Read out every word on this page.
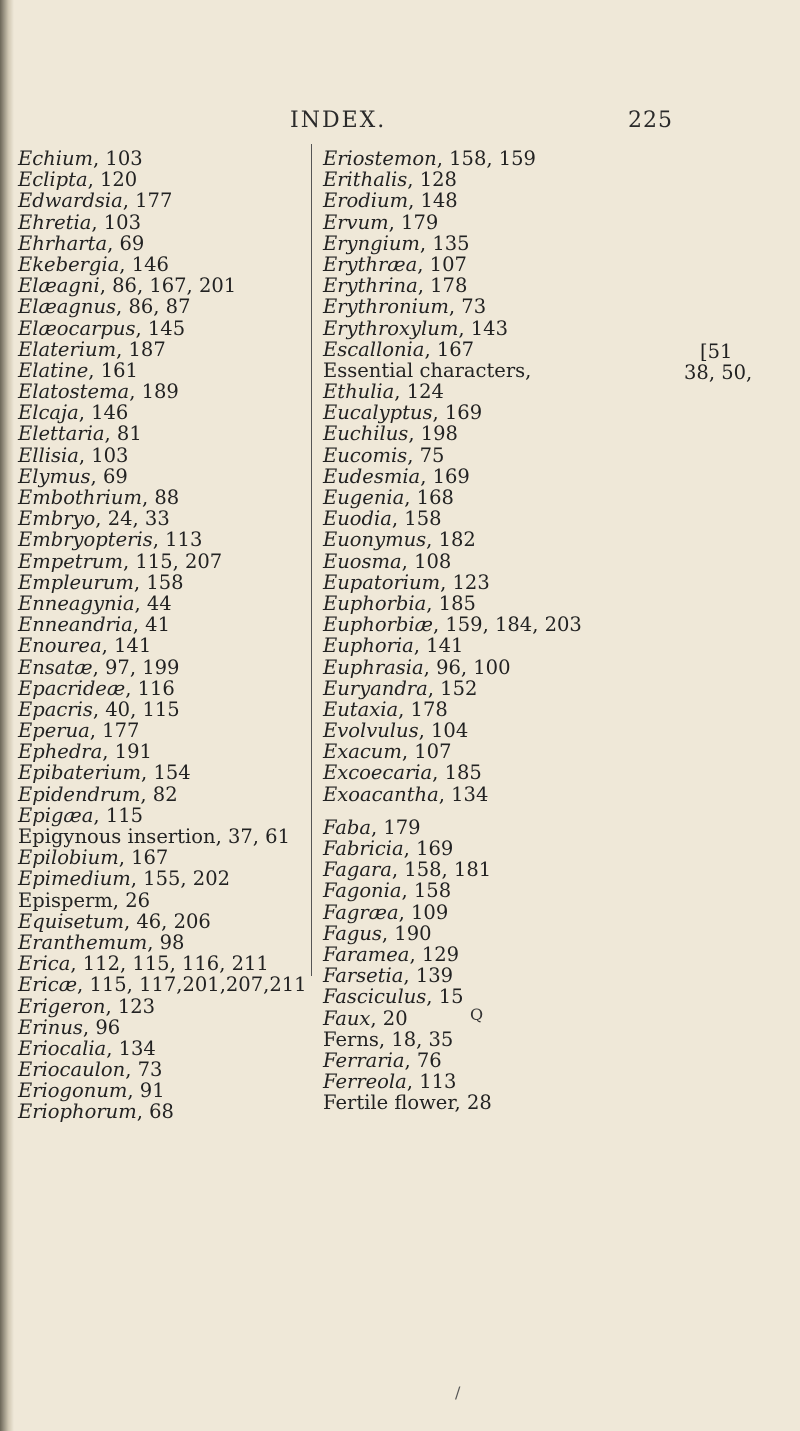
INDEX.	225
Echium, 103
Eclipta, 120
Edwardsia, 177
Ehretia, 103
Ehrharta, 69
Ekebergia, 146
Elæagni, 86, 167, 201
Elæagnus, 86, 87
Elæocarpus, 145
Elaterium, 187
Elatine, 161
Elatostema, 189
Elcaja, 146
Elettaria, 81
Ellisia, 103
Elymus, 69
Embothrium, 88
Embryo, 24, 33
Embryopteris, 113
Empetrum, 115, 207
Empleurum, 158
Enneagynia, 44
Enneandria, 41
Enourea, 141
Ensatæ, 97, 199
Epacrideæ, 116
Epacris, 40, 115
Eperua, 177
Ephedra, 191
Epibaterium, 154
Epidendrum, 82
Epigæa, 115
Epigynous insertion, 37, 61
Epilobium, 167
Epimedium, 155, 202
Episperm, 26
Equisetum, 46, 206
Eranthemum, 98
Erica, 112, 115, 116, 211
Ericæ, 115, 117,201,207,211
Erigeron, 123
Erinus, 96
Eriocalia, 134
Eriocaulon, 73
Eriogonum, 91
Eriophorum, 68
Eriostemon, 158, 159
Erithalis, 128
Erodium, 148
Ervum, 179
Eryngium, 135
Erythræa, 107
Erythrina, 178
Erythronium, 73
Erythroxylum, 143
Escallonia, 167
Essential characters,
Ethulia, 124
Eucalyptus, 169
Euchilus, 198
Eucomis, 75
Eudesmia, 169
Eugenia, 168
Euodia, 158
Euonymus, 182
Euosma, 108
Eupatorium, 123
Euphorbia, 185
Euphorbiæ, 159, 184, 203
Euphoria, 141
Euphrasia, 96, 100
Euryandra, 152
Eutaxia, 178
Evolvulus, 104
Exacum, 107
Excoecaria, 185
Exoacantha, 134
Faba, 179
Fabricia, 169
Fagara, 158, 181
Fagonia, 158
Fagræa, 109
Fagus, 190
Faramea, 129
Farsetia, 139
Fasciculus, 15
Faux, 20
Ferns, 18, 35
Ferraria, 76
Ferreola, 113
Fertile flower, 28
[51
38, 50,
Q
/
